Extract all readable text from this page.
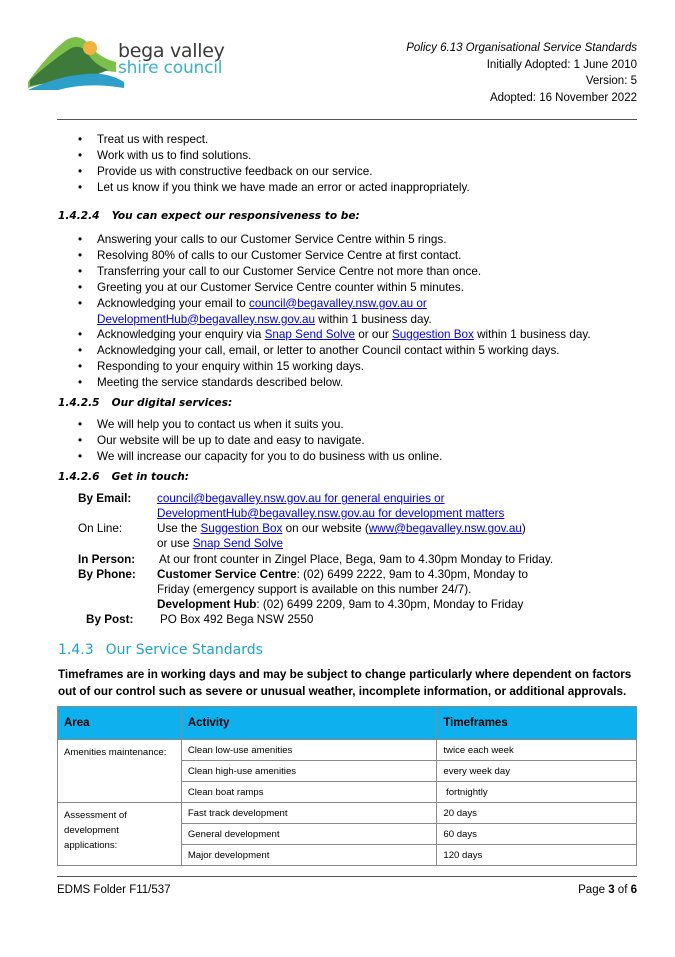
bega valley
shire council
Policy 6.13 Organisational Service Standards
Initially Adopted: 1 June 2010
Version: 5
Adopted: 16 November 2022
• Treat us with respect.
• Work with us to find solutions.
• Provide us with constructive feedback on our service.
• Let us know if you think we have made an error or acted inappropriately.
1.4.2.4 You can expect our responsiveness to be:
• Answering your calls to our Customer Service Centre within 5 rings.
• Resolving 80% of calls to our Customer Service Centre at first contact.
• Transferring your call to our Customer Service Centre not more than once.
• Greeting you at our Customer Service Centre counter within 5 minutes.
• Acknowledging your email to council@begavalley.nsw.gov.au or
DevelopmentHub@begavalley.nsw.gov.au within 1 business day.
• Acknowledging your enquiry via Snap Send Solve or our Suggestion Box within 1 business day.
• Acknowledging your call, email, or letter to another Council contact within 5 working days.
• Responding to your enquiry within 15 working days.
• Meeting the service standards described below.
1.4.2.5 Our digital services:
• We will help you to contact us when it suits you.
• Our website will be up to date and easy to navigate.
• We will increase our capacity for you to do business with us online.
1.4.2.6 Get in touch:
By Email: council@begavalley.nsw.gov.au for general enquiries or
DevelopmentHub@begavalley.nsw.gov.au for development matters
On Line:	Use the Suggestion Box on our website (www@begavalley.nsw.gov.au)
or use Snap Send Solve
In Person: At our front counter in Zingel Place, Bega, 9am to 4.30pm Monday to Friday.
By Phone: Customer Service Centre: (02) 6499 2222, 9am to 4.30pm, Monday to
Friday (emergency support is available on this number 24/7).
Development Hub: (02) 6499 2209, 9am to 4.30pm, Monday to Friday
By Post: PO Box 492 Bega NSW 2550
1.4.3 Our Service Standards
Timeframes are in working days and may be subject to change particularly where dependent on factors out of our control such as severe or unusual weather, incomplete information, or additional approvals.
Area	Activity	Timeframes
Amenities maintenance:	Clean low-use amenities	twice each week
	Clean high-use amenities	every week day
	Clean boat ramps	fortnightly
Assessment of development applications:	Fast track development	20 days
	General development	60 days
	Major development	120 days
EDMS Folder F11/537	Page 3 of 6
